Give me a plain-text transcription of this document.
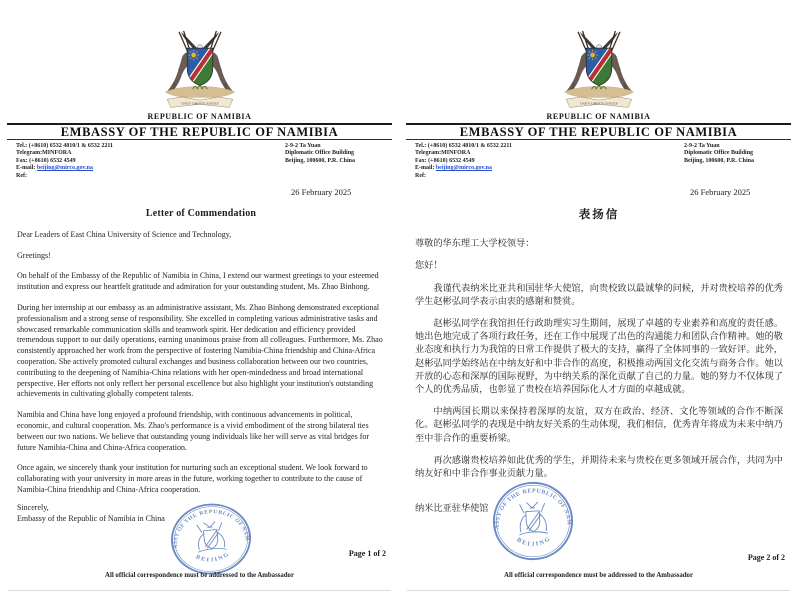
REPUBLIC OF NAMIBIA
EMBASSY OF THE REPUBLIC OF NAMIBIA
Tel.: (+8610) 6532 4810/1 & 6532 2211
Telegram:MINFORA
Fax: (+8610) 6532 4549
E-mail: beijing@mirco.gov.na
Ref:
2-9-2 Ta Yuan
Diplomatic Office Building
Beijing, 100600, P.R. China
26 February 2025
Letter of Commendation

Dear Leaders of East China University of Science and Technology,

Greetings!

On behalf of the Embassy of the Republic of Namibia in China, I extend our warmest greetings to your esteemed institution and express our heartfelt gratitude and admiration for your outstanding student, Ms. Zhao Binhong.

During her internship at our embassy as an administrative assistant, Ms. Zhao Binhong demonstrated exceptional professionalism and a strong sense of responsibility. She excelled in completing various administrative tasks and showcased remarkable communication skills and teamwork spirit. Her dedication and efficiency provided tremendous support to our daily operations, earning unanimous praise from all colleagues. Furthermore, Ms. Zhao consistently approached her work from the perspective of fostering Namibia-China friendship and China-Africa cooperation. She actively promoted cultural exchanges and business collaboration between our two countries, contributing to the deepening of Namibia-China relations with her open-mindedness and broad international perspective. Her efforts not only reflect her personal excellence but also highlight your institution's outstanding achievements in cultivating globally competent talents.

Namibia and China have long enjoyed a profound friendship, with continuous advancements in political, economic, and cultural cooperation. Ms. Zhao's performance is a vivid embodiment of the strong bilateral ties between our two nations. We believe that outstanding young individuals like her will serve as vital bridges for future Namibia-China and China-Africa cooperation.

Once again, we sincerely thank your institution for nurturing such an exceptional student. We look forward to collaborating with your university in more areas in the future, working together to contribute to the cause of Namibia-China friendship and China-Africa cooperation.

Sincerely,

Embassy of the Republic of Namibia in China

Page 1 of 2
All official correspondence must be addressed to the Ambassador
REPUBLIC OF NAMIBIA
EMBASSY OF THE REPUBLIC OF NAMIBIA
Tel.: (+8610) 6532 4810/1 & 6532 2211
Telegram:MINFORA
Fax: (+8610) 6532 4549
E-mail: beijing@mirco.gov.na
Ref:
2-9-2 Ta Yuan
Diplomatic Office Building
Beijing, 100600, P.R. China
26 February 2025
表扬信

尊敬的华东理工大学校领导：

您好！

我谨代表纳米比亚共和国驻华大使馆，向贵校致以最诚挚的问候，并对贵校培养的优秀学生赵彬弘同学表示由衷的感谢和赞赏。

赵彬弘同学在我馆担任行政助理实习生期间，展现了卓越的专业素养和高度的责任感。她出色地完成了各项行政任务，还在工作中展现了出色的沟通能力和团队合作精神。她的敬业态度和执行力为我馆的日常工作提供了极大的支持，赢得了全体同事的一致好评。此外，赵彬弘同学始终站在中纳友好和中非合作的高度，积极推动两国文化交流与商务合作。她以开放的心态和深厚的国际视野，为中纳关系的深化贡献了自己的力量。她的努力不仅体现了个人的优秀品质，也彰显了贵校在培养国际化人才方面的卓越成就。

中纳两国长期以来保持着深厚的友谊，双方在政治、经济、文化等领域的合作不断深化。赵彬弘同学的表现是中纳友好关系的生动体现，我们相信，优秀青年将成为未来中纳乃至中非合作的重要桥梁。

再次感谢贵校培养如此优秀的学生，并期待未来与贵校在更多领域开展合作，共同为中纳友好和中非合作事业贡献力量。

纳米比亚驻华使馆

Page 2 of 2
All official correspondence must be addressed to the Ambassador
